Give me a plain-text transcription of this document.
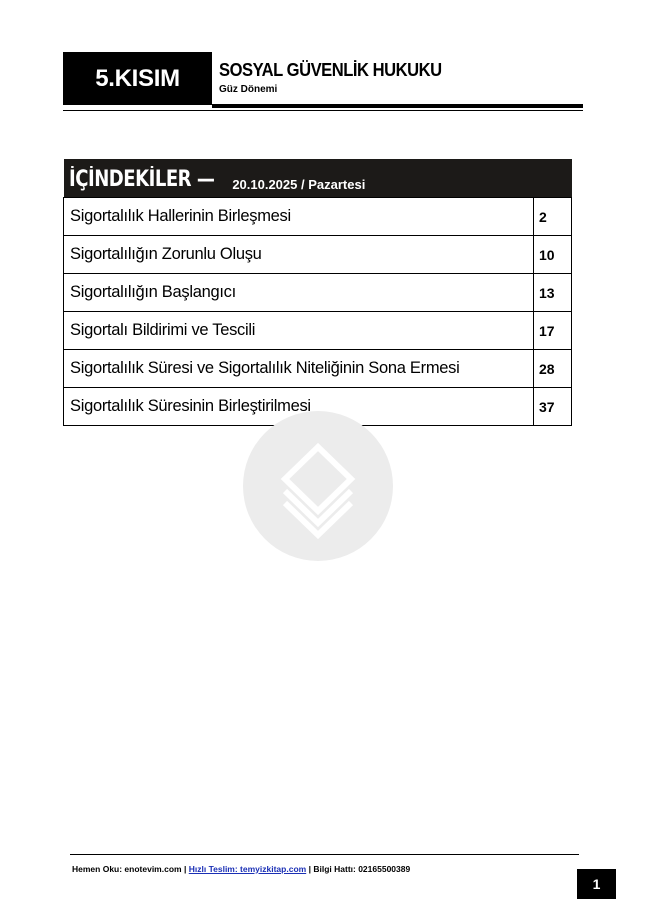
5.KISIM SOSYAL GÜVENLİK HUKUKU
Güz Dönemi
İÇİNDEKİLER — 20.10.2025 / Pazartesi
Sigortalılık Hallerinin Birleşmesi	2
Sigortalılığın Zorunlu Oluşu	10
Sigortalılığın Başlangıcı	13
Sigortalı Bildirimi ve Tescili	17
Sigortalılık Süresi ve Sigortalılık Niteliğinin Sona Ermesi	28
Sigortalılık Süresinin Birleştirilmesi	37
Hemen Oku: enotevim.com | Hızlı Teslim: temyizkitap.com | Bilgi Hattı: 02165500389
1
